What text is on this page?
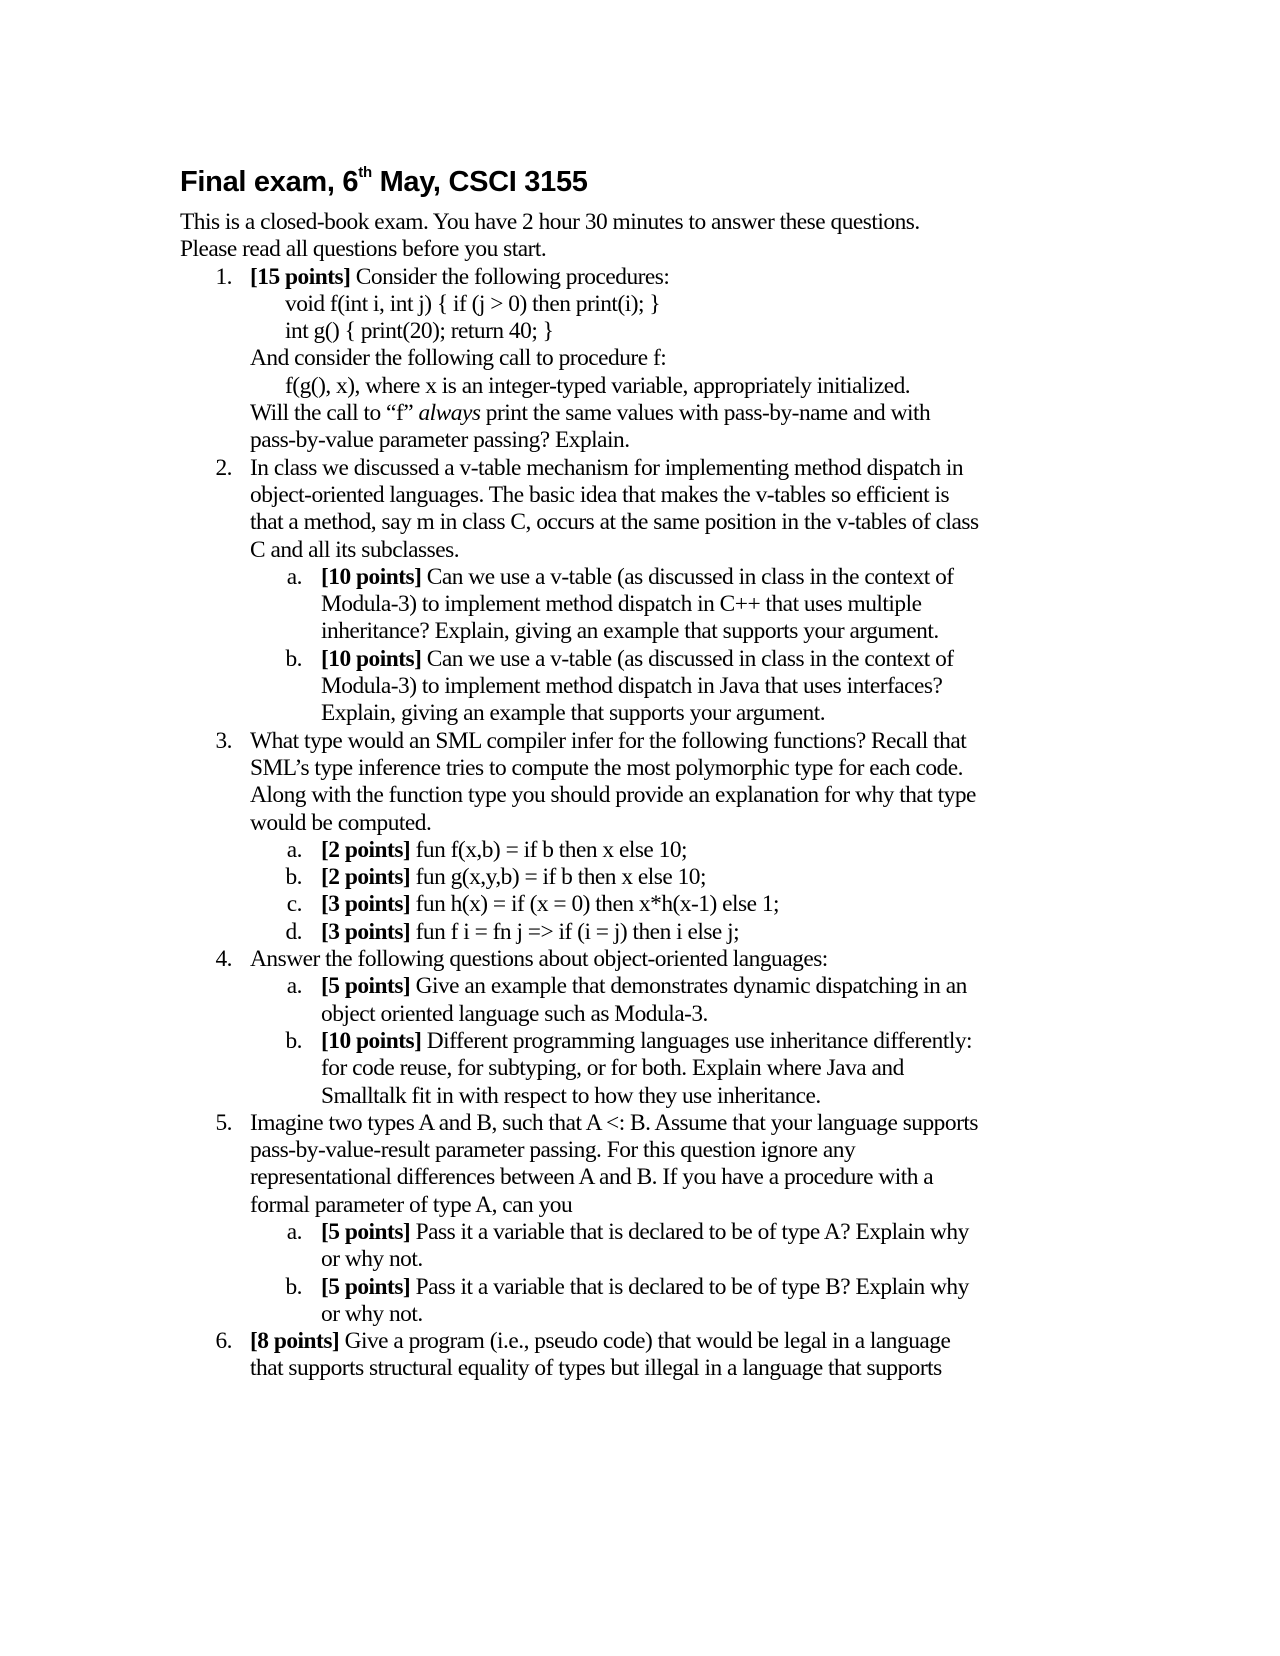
Final exam, 6th May, CSCI 3155
This is a closed-book exam. You have 2 hour 30 minutes to answer these questions.
Please read all questions before you start.
1. [15 points] Consider the following procedures:
void f(int i, int j) { if (j > 0) then print(i); }
int g() { print(20); return 40; }
And consider the following call to procedure f:
f(g(), x), where x is an integer-typed variable, appropriately initialized.
Will the call to “f” always print the same values with pass-by-name and with
pass-by-value parameter passing? Explain.
2. In class we discussed a v-table mechanism for implementing method dispatch in
object-oriented languages. The basic idea that makes the v-tables so efficient is
that a method, say m in class C, occurs at the same position in the v-tables of class
C and all its subclasses.
a. [10 points] Can we use a v-table (as discussed in class in the context of
Modula-3) to implement method dispatch in C++ that uses multiple
inheritance? Explain, giving an example that supports your argument.
b. [10 points] Can we use a v-table (as discussed in class in the context of
Modula-3) to implement method dispatch in Java that uses interfaces?
Explain, giving an example that supports your argument.
3. What type would an SML compiler infer for the following functions? Recall that
SML’s type inference tries to compute the most polymorphic type for each code.
Along with the function type you should provide an explanation for why that type
would be computed.
a. [2 points] fun f(x,b) = if b then x else 10;
b. [2 points] fun g(x,y,b) = if b then x else 10;
c. [3 points] fun h(x) = if (x = 0) then x*h(x-1) else 1;
d. [3 points] fun f i = fn j => if (i = j) then i else j;
4. Answer the following questions about object-oriented languages:
a. [5 points] Give an example that demonstrates dynamic dispatching in an
object oriented language such as Modula-3.
b. [10 points] Different programming languages use inheritance differently:
for code reuse, for subtyping, or for both. Explain where Java and
Smalltalk fit in with respect to how they use inheritance.
5. Imagine two types A and B, such that A <: B. Assume that your language supports
pass-by-value-result parameter passing. For this question ignore any
representational differences between A and B. If you have a procedure with a
formal parameter of type A, can you
a. [5 points] Pass it a variable that is declared to be of type A? Explain why
or why not.
b. [5 points] Pass it a variable that is declared to be of type B? Explain why
or why not.
6. [8 points] Give a program (i.e., pseudo code) that would be legal in a language
that supports structural equality of types but illegal in a language that supports
